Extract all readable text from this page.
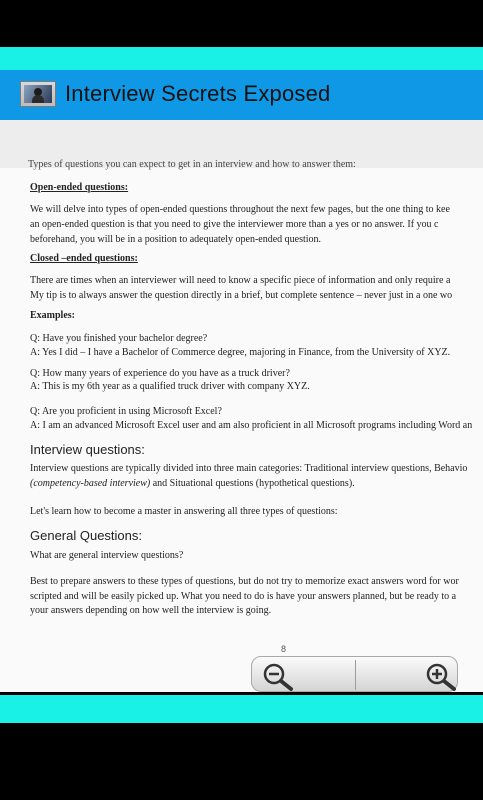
Interview Secrets Exposed
Types of questions you can expect to get in an interview and how to answer them:
Open-ended questions:
We will delve into types of open-ended questions throughout the next few pages, but the one thing to kee
an open-ended question is that you need to give the interviewer more than a yes or no answer. If you c
beforehand, you will be in a position to adequately open-ended question.
Closed –ended questions:
There are times when an interviewer will need to know a specific piece of information and only require a
My tip is to always answer the question directly in a brief, but complete sentence – never just in a one wo
Examples:
Q: Have you finished your bachelor degree?
A: Yes I did – I have a Bachelor of Commerce degree, majoring in Finance, from the University of XYZ.
Q: How many years of experience do you have as a truck driver?
A: This is my 6th year as a qualified truck driver with company XYZ.
Q: Are you proficient in using Microsoft Excel?
A: I am an advanced Microsoft Excel user and am also proficient in all Microsoft programs including Word an
Interview questions:
Interview questions are typically divided into three main categories: Traditional interview questions, Behavio
(competency-based interview) and Situational questions (hypothetical questions).
Let's learn how to become a master in answering all three types of questions:
General Questions:
What are general interview questions?
Best to prepare answers to these types of questions, but do not try to memorize exact answers word for wor
scripted and will be easily picked up. What you need to do is have your answers planned, but be ready to a
your answers depending on how well the interview is going.
8
